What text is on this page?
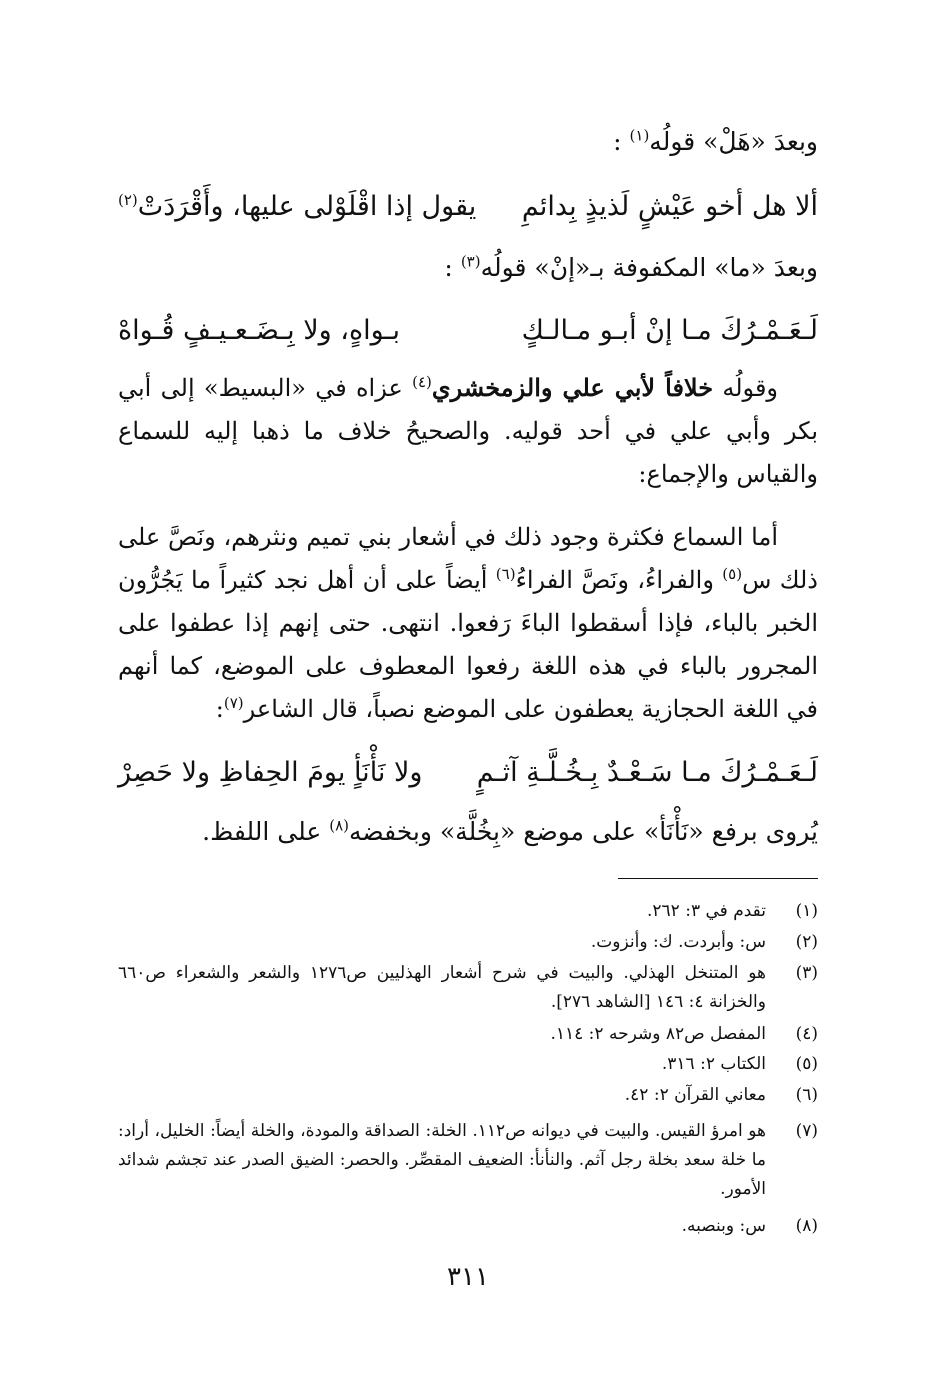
وبعدَ «هَلْ» قولُه$^{(١)}$ :
ألا هل أخو عَيْشٍ لَذيذٍ بِدائمِ
يقول إذا اقْلَوْلى عليها، وأَقْرَدَتْ$^{(٢)}$
وبعدَ «ما» المكفوفة بـ«إنْ» قولُه$^{(٣)}$ :
لَـعَـمْـرُكَ مـا إنْ أبـو مـالـكٍ
بـواهٍ، ولا بِـضَـعـيـفٍ قُـواهْ
وقولُه خلافاً لأبي علي والزمخشري$^{(٤)}$ عزاه في «البسيط» إلى أبي بكر وأبي علي في أحد قوليه. والصحيحُ خلاف ما ذهبا إليه للسماع والقياس والإجماع:
أما السماع فكثرة وجود ذلك في أشعار بني تميم ونثرهم، ونَصَّ على ذلك س$^{(٥)}$ والفراءُ، ونَصَّ الفراءُ$^{(٦)}$ أيضاً على أن أهل نجد كثيراً ما يَجُرُّون الخبر بالباء، فإذا أسقطوا الباءَ رَفعوا. انتهى. حتى إنهم إذا عطفوا على المجرور بالباء في هذه اللغة رفعوا المعطوف على الموضع، كما أنهم في اللغة الحجازية يعطفون على الموضع نصباً، قال الشاعر$^{(٧)}$:
لَـعَـمْـرُكَ مـا سَـعْـدٌ بِـخُـلَّـةِ آثـمٍ
ولا نَأْنَأٍ يومَ الحِفاظِ ولا حَصِرْ
يُروى برفع «نَأْنَأ» على موضع «بِخُلَّة» وبخفضه$^{(٨)}$ على اللفظ.
(١)
تقدم في ٣: ٢٦٢.
(٢)
س: وأبردت. ك: وأنزوت.
(٣)
هو المتنخل الهذلي. والبيت في شرح أشعار الهذليين ص١٢٧٦ والشعر والشعراء ص٦٦٠ والخزانة ٤: ١٤٦ [الشاهد ٢٧٦].
(٤)
المفصل ص٨٢ وشرحه ٢: ١١٤.
(٥)
الكتاب ٢: ٣١٦.
(٦)
معاني القرآن ٢: ٤٢.
(٧)
هو امرؤ القيس. والبيت في ديوانه ص١١٢. الخلة: الصداقة والمودة، والخلة أيضاً: الخليل، أراد: ما خلة سعد بخلة رجل آثم. والنأنأ: الضعيف المقصِّر. والحصر: الضيق الصدر عند تجشم شدائد الأمور.
(٨)
س: وبنصبه.
٣١١
